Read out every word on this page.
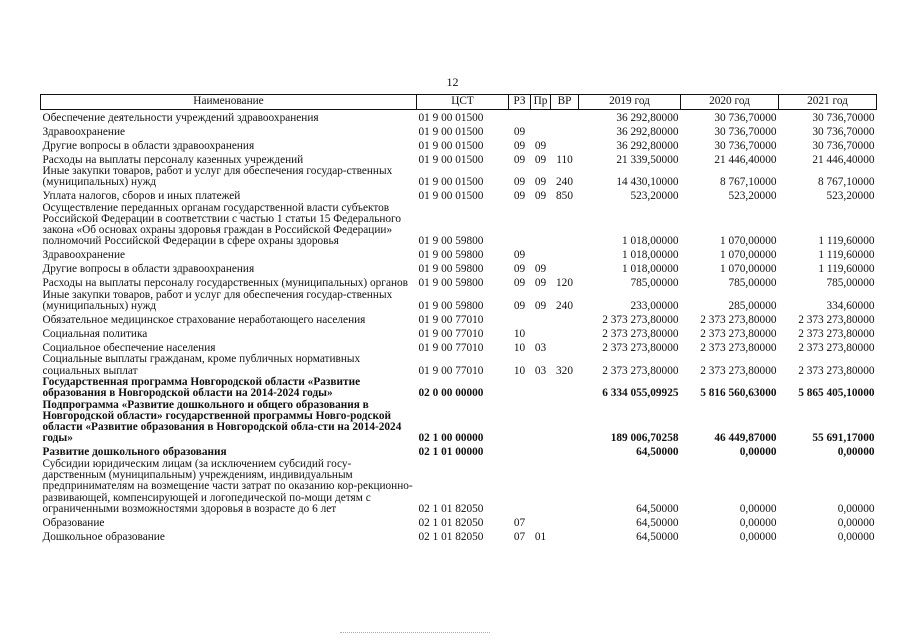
12
Наименование	ЦСТ	РЗ	Пр	ВР	2019 год	2020 год	2021 год
Обеспечение деятельности учреждений здравоохранения	01 9 00 01500				36 292,80000	30 736,70000	30 736,70000
Здравоохранение	01 9 00 01500	09			36 292,80000	30 736,70000	30 736,70000
Другие вопросы в области здравоохранения	01 9 00 01500	09	09		36 292,80000	30 736,70000	30 736,70000
Расходы на выплаты персоналу казенных учреждений	01 9 00 01500	09	09	110	21 339,50000	21 446,40000	21 446,40000
Иные закупки товаров, работ и услуг для обеспечения государ-ственных (муниципальных) нужд	01 9 00 01500	09	09	240	14 430,10000	8 767,10000	8 767,10000
Уплата налогов, сборов и иных платежей	01 9 00 01500	09	09	850	523,20000	523,20000	523,20000
Осуществление переданных органам государственной власти субъектов Российской Федерации в соответствии с частью 1 статьи 15 Федерального закона «Об основах охраны здоровья граждан в Российской Федерации» полномочий Российской Федерации в сфере охраны здоровья	01 9 00 59800				1 018,00000	1 070,00000	1 119,60000
Здравоохранение	01 9 00 59800	09			1 018,00000	1 070,00000	1 119,60000
Другие вопросы в области здравоохранения	01 9 00 59800	09	09		1 018,00000	1 070,00000	1 119,60000
Расходы на выплаты персоналу государственных (муниципальных) органов	01 9 00 59800	09	09	120	785,00000	785,00000	785,00000
Иные закупки товаров, работ и услуг для обеспечения государ-ственных (муниципальных) нужд	01 9 00 59800	09	09	240	233,00000	285,00000	334,60000
Обязательное медицинское страхование неработающего населения	01 9 00 77010				2 373 273,80000	2 373 273,80000	2 373 273,80000
Социальная политика	01 9 00 77010	10			2 373 273,80000	2 373 273,80000	2 373 273,80000
Социальное обеспечение населения	01 9 00 77010	10	03		2 373 273,80000	2 373 273,80000	2 373 273,80000
Социальные выплаты гражданам, кроме публичных нормативных социальных выплат	01 9 00 77010	10	03	320	2 373 273,80000	2 373 273,80000	2 373 273,80000
Государственная программа Новгородской области «Развитие образования в Новгородской области на 2014-2024 годы»	02 0 00 00000				6 334 055,09925	5 816 560,63000	5 865 405,10000
Подпрограмма «Развитие дошкольного и общего образования в Новгородской области» государственной программы Новго-родской области «Развитие образования в Новгородской обла-сти на 2014-2024 годы»	02 1 00 00000				189 006,70258	46 449,87000	55 691,17000
Развитие дошкольного образования	02 1 01 00000				64,50000	0,00000	0,00000
Субсидии юридическим лицам (за исключением субсидий госу-дарственным (муниципальным) учреждениям, индивидуальным предпринимателям на возмещение части затрат по оказанию кор-рекционно-развивающей, компенсирующей и логопедической по-мощи детям с ограниченными возможностями здоровья в возрасте до 6 лет	02 1 01 82050				64,50000	0,00000	0,00000
Образование	02 1 01 82050	07			64,50000	0,00000	0,00000
Дошкольное образование	02 1 01 82050	07	01		64,50000	0,00000	0,00000
